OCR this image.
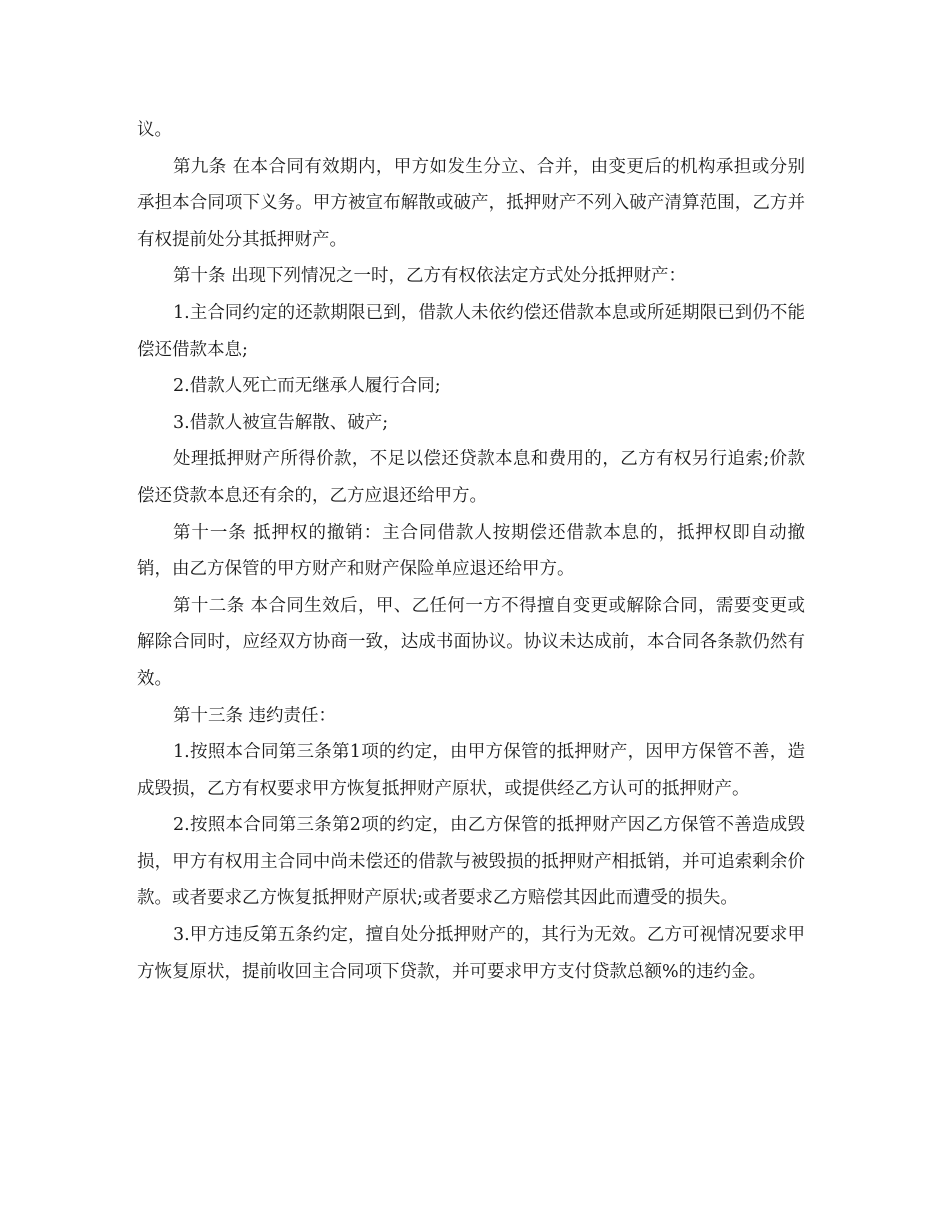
议。

第九条 在本合同有效期内，甲方如发生分立、合并，由变更后的机构承担或分别承担本合同项下义务。甲方被宣布解散或破产，抵押财产不列入破产清算范围，乙方并有权提前处分其抵押财产。

第十条 出现下列情况之一时，乙方有权依法定方式处分抵押财产：

1.主合同约定的还款期限已到，借款人未依约偿还借款本息或所延期限已到仍不能偿还借款本息;

2.借款人死亡而无继承人履行合同;

3.借款人被宣告解散、破产;

处理抵押财产所得价款，不足以偿还贷款本息和费用的，乙方有权另行追索;价款偿还贷款本息还有余的，乙方应退还给甲方。

第十一条 抵押权的撤销：主合同借款人按期偿还借款本息的，抵押权即自动撤销，由乙方保管的甲方财产和财产保险单应退还给甲方。

第十二条 本合同生效后，甲、乙任何一方不得擅自变更或解除合同，需要变更或解除合同时，应经双方协商一致，达成书面协议。协议未达成前，本合同各条款仍然有效。

第十三条 违约责任：

1.按照本合同第三条第1项的约定，由甲方保管的抵押财产，因甲方保管不善，造成毁损，乙方有权要求甲方恢复抵押财产原状，或提供经乙方认可的抵押财产。

2.按照本合同第三条第2项的约定，由乙方保管的抵押财产因乙方保管不善造成毁损，甲方有权用主合同中尚未偿还的借款与被毁损的抵押财产相抵销，并可追索剩余价款。或者要求乙方恢复抵押财产原状;或者要求乙方赔偿其因此而遭受的损失。

3.甲方违反第五条约定，擅自处分抵押财产的，其行为无效。乙方可视情况要求甲方恢复原状，提前收回主合同项下贷款，并可要求甲方支付贷款总额%的违约金。
